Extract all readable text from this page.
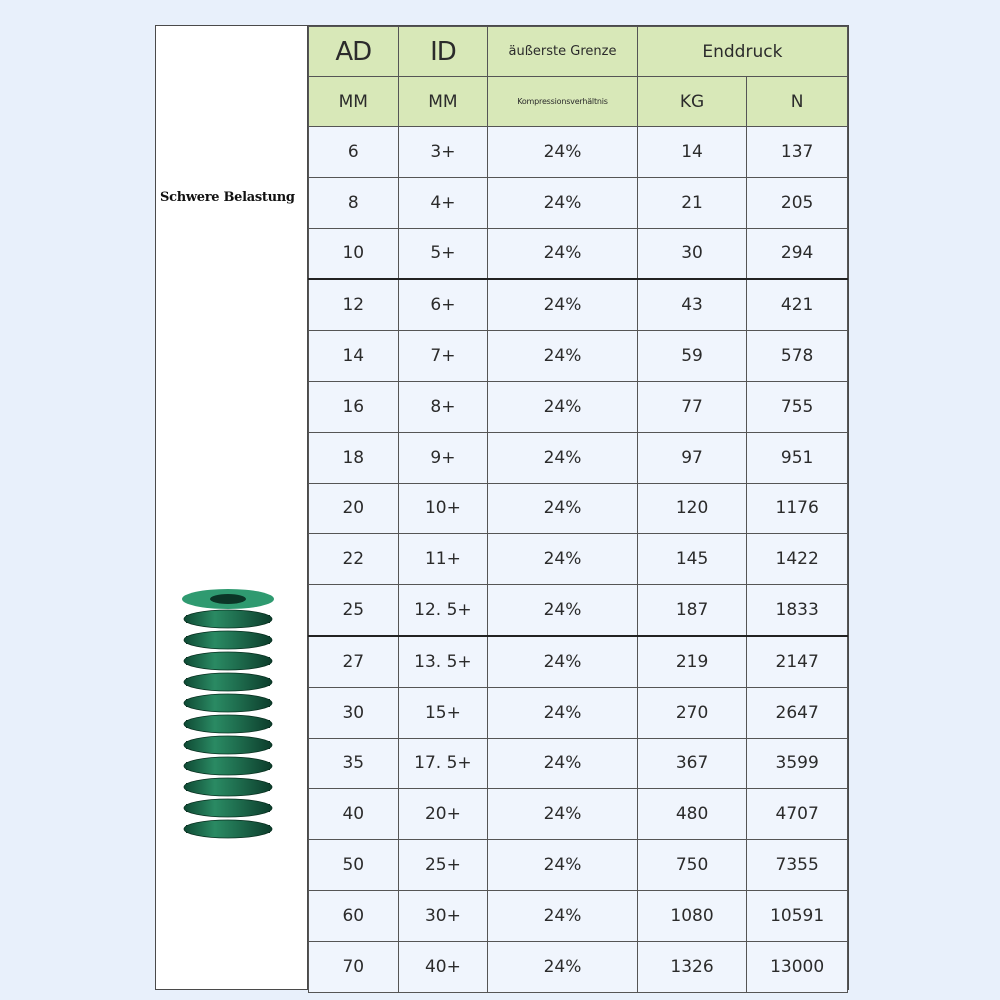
Schwere Belastung
AD	ID	äußerste Grenze	Enddruck	
MM	MM	Kompressionsverhältnis	KG	N
6	3+	24%	14	137
8	4+	24%	21	205
10	5+	24%	30	294
12	6+	24%	43	421
14	7+	24%	59	578
16	8+	24%	77	755
18	9+	24%	97	951
20	10+	24%	120	1176
22	11+	24%	145	1422
25	12. 5+	24%	187	1833
27	13. 5+	24%	219	2147
30	15+	24%	270	2647
35	17. 5+	24%	367	3599
40	20+	24%	480	4707
50	25+	24%	750	7355
60	30+	24%	1080	10591
70	40+	24%	1326	13000
